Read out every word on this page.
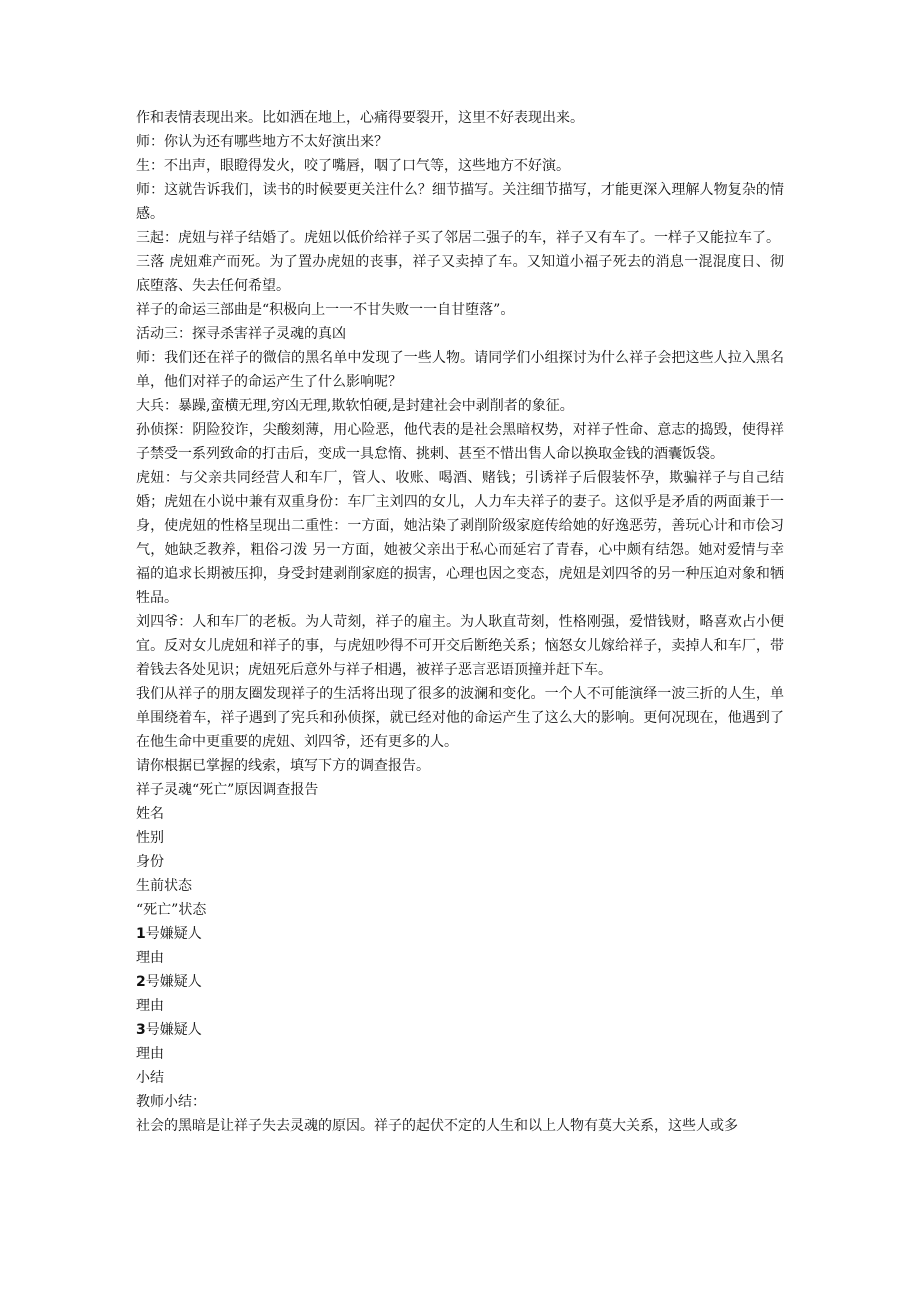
作和表情表现出来。比如洒在地上，心痛得要裂开，这里不好表现出来。

师：你认为还有哪些地方不太好演出来？

生：不出声，眼瞪得发火，咬了嘴唇，咽了口气等，这些地方不好演。

师：这就告诉我们，读书的时候要更关注什么？细节描写。关注细节描写，才能更深入理解人物复杂的情感。

三起：虎妞与祥子结婚了。虎妞以低价给祥子买了邻居二强子的车，祥子又有车了。一样子又能拉车了。

三落 虎妞难产而死。为了置办虎妞的丧事，祥子又卖掉了车。又知道小福子死去的消息一混混度日、彻底堕落、失去任何希望。

祥子的命运三部曲是“积极向上一一不甘失败一一自甘堕落”。

活动三：探寻杀害祥子灵魂的真凶

师：我们还在祥子的微信的黑名单中发现了一些人物。请同学们小组探讨为什么祥子会把这些人拉入黑名单，他们对祥子的命运产生了什么影响呢？

大兵：暴躁,蛮横无理,穷凶无理,欺软怕硬,是封建社会中剥削者的象征。

孙侦探：阴险狡诈，尖酸刻薄，用心险恶，他代表的是社会黑暗权势，对祥子性命、意志的捣毁，使得祥子禁受一系列致命的打击后，变成一具怠惰、挑剌、甚至不惜出售人命以换取金钱的酒囊饭袋。

虎妞：与父亲共同经营人和车厂，管人、收账、喝酒、赌钱；引诱祥子后假装怀孕，欺骗祥子与自己结婚；虎妞在小说中兼有双重身份：车厂主刘四的女儿，人力车夫祥子的妻子。这似乎是矛盾的两面兼于一身，使虎妞的性格呈现出二重性：一方面，她沾染了剥削阶级家庭传给她的好逸恶劳，善玩心计和市侩习气，她缺乏教养，粗俗刁泼 另一方面，她被父亲出于私心而延宕了青春，心中颇有结怨。她对爱情与幸福的追求长期被压抑，身受封建剥削家庭的损害，心理也因之变态，虎妞是刘四爷的另一种压迫对象和牺牲品。

刘四爷：人和车厂的老板。为人苛刻，祥子的雇主。为人耿直苛刻，性格刚强，爱惜钱财，略喜欢占小便宜。反对女儿虎妞和祥子的事，与虎妞吵得不可开交后断绝关系；恼怒女儿嫁给祥子，卖掉人和车厂，带着钱去各处见识；虎妞死后意外与祥子相遇，被祥子恶言恶语顶撞并赶下车。

我们从祥子的朋友圈发现祥子的生活将出现了很多的波澜和变化。一个人不可能演绎一波三折的人生，单单围绕着车，祥子遇到了宪兵和孙侦探，就已经对他的命运产生了这么大的影响。更何况现在，他遇到了在他生命中更重要的虎妞、刘四爷，还有更多的人。

请你根据已掌握的线索，填写下方的调查报告。

祥子灵魂“死亡”原因调查报告

姓名

性别

身份

生前状态

“死亡”状态

1号嫌疑人

理由

2号嫌疑人

理由

3号嫌疑人

理由

小结

教师小结：

社会的黑暗是让祥子失去灵魂的原因。祥子的起伏不定的人生和以上人物有莫大关系，这些人或多
